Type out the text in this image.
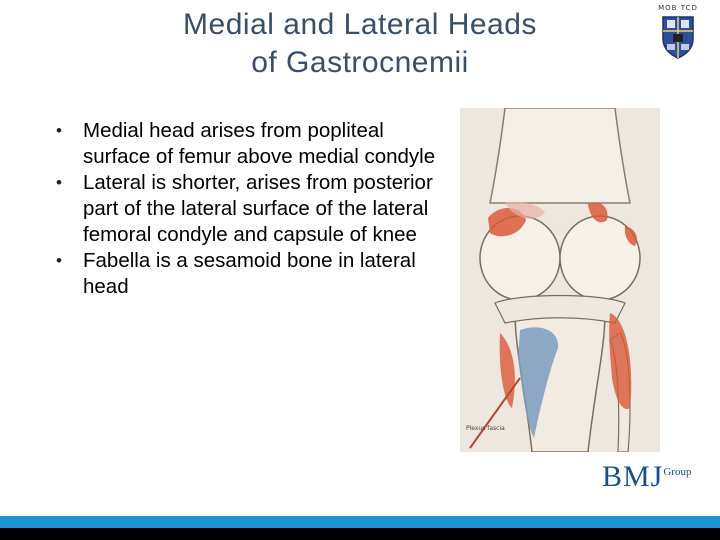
Medial and Lateral Heads
of Gastrocnemii
MOB TCD
• Medial head arises from popliteal surface of femur above medial condyle
• Lateral is shorter, arises from posterior part of the lateral surface of the lateral femoral condyle and capsule of knee
• Fabella is a sesamoid bone in lateral head
Plexus fascia
$BMJ^{Group}$
